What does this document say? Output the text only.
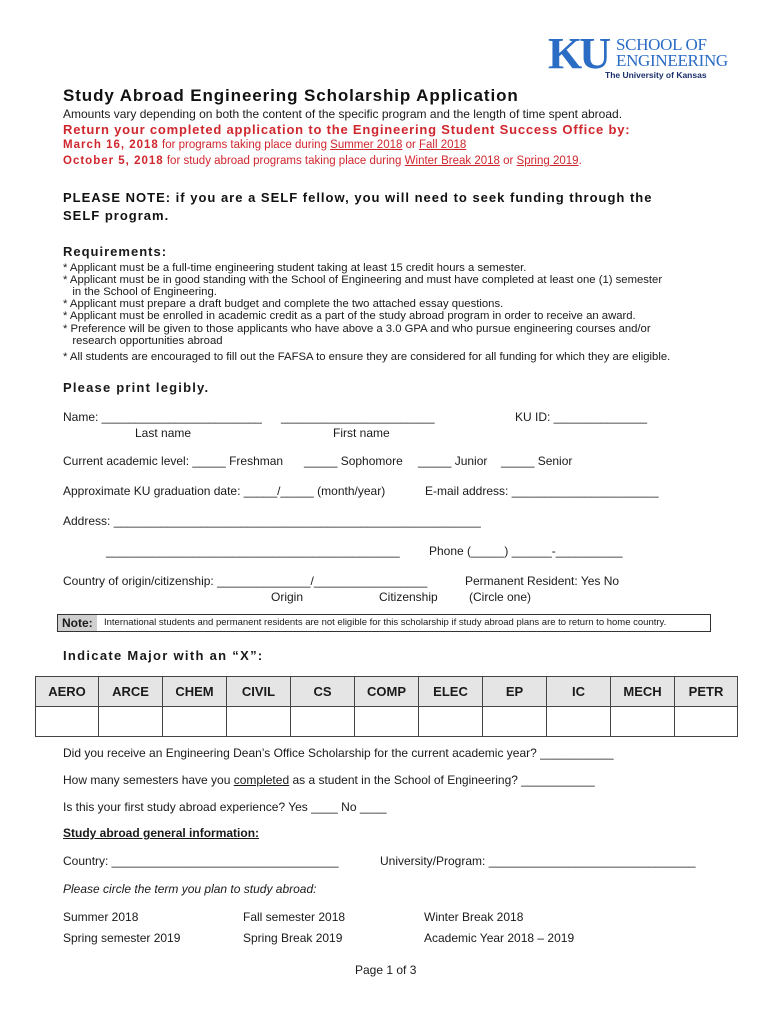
KU SCHOOL OF
ENGINEERING
The University of Kansas
Study Abroad Engineering Scholarship Application
Amounts vary depending on both the content of the specific program and the length of time spent abroad.
Return your completed application to the Engineering Student Success Office by:
March 16, 2018 for programs taking place during Summer 2018 or Fall 2018
October 5, 2018 for study abroad programs taking place during Winter Break 2018 or Spring 2019.
PLEASE NOTE: if you are a SELF fellow, you will need to seek funding through the
SELF program.
Requirements:
* Applicant must be a full-time engineering student taking at least 15 credit hours a semester.
* Applicant must be in good standing with the School of Engineering and must have completed at least one (1) semester
in the School of Engineering.
* Applicant must prepare a draft budget and complete the two attached essay questions.
* Applicant must be enrolled in academic credit as a part of the study abroad program in order to receive an award.
* Preference will be given to those applicants who have above a 3.0 GPA and who pursue engineering courses and/or
research opportunities abroad
* All students are encouraged to fill out the FAFSA to ensure they are considered for all funding for which they are eligible.
Please print legibly.
Name: ________________________ _______________________	KU ID: ______________
Last name	First name
Current academic level: _____ Freshman _____ Sophomore _____ Junior _____ Senior
Approximate KU graduation date: _____/_____ (month/year)	E-mail address: ______________________
Address: _______________________________________________________
____________________________________________ Phone (_____) ______-__________
Country of origin/citizenship: ______________/_________________	Permanent Resident: Yes No
Origin	Citizenship	(Circle one)
Note:	International students and permanent residents are not eligible for this scholarship if study abroad plans are to return to home country.
Indicate Major with an “X”:
AERO	ARCE	CHEM	CIVIL	CS	COMP	ELEC	EP	IC	MECH	PETR

Did you receive an Engineering Dean’s Office Scholarship for the current academic year? ___________
How many semesters have you completed as a student in the School of Engineering? ___________
Is this your first study abroad experience? Yes ____ No ____
Study abroad general information:
Country: __________________________________	University/Program: _______________________________
Please circle the term you plan to study abroad:
Summer 2018	Fall semester 2018	Winter Break 2018
Spring semester 2019	Spring Break 2019	Academic Year 2018 – 2019
Page 1 of 3
